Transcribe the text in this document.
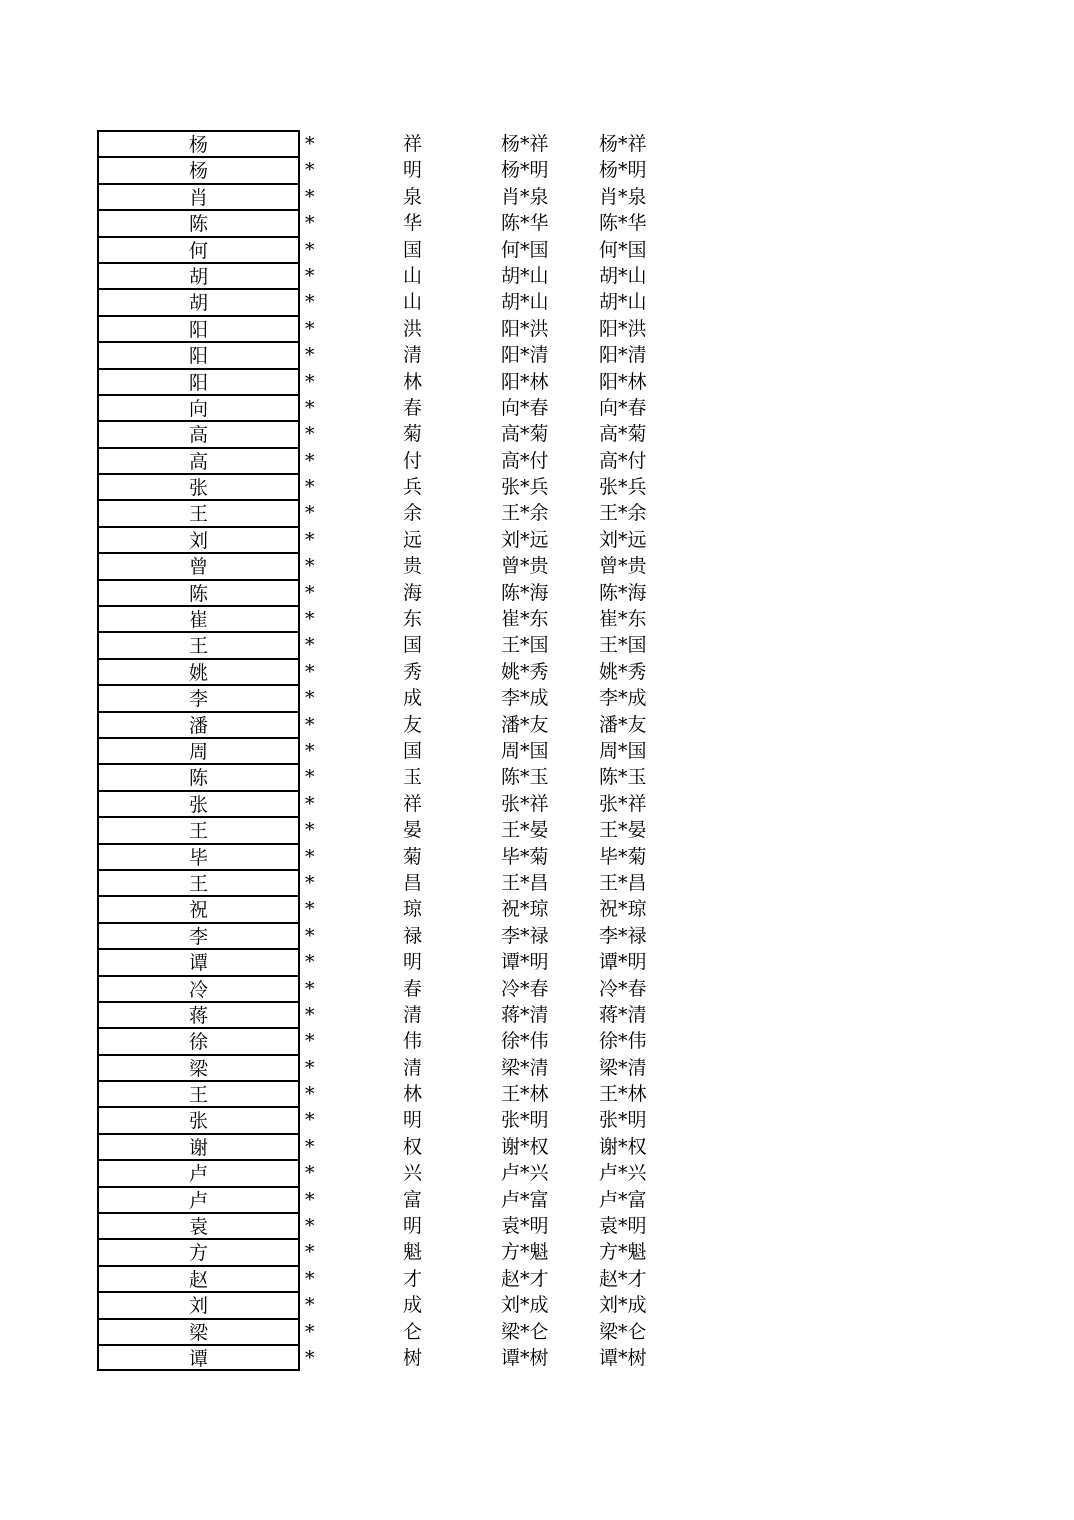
杨	*	祥	杨*祥	杨*祥
杨	*	明	杨*明	杨*明
肖	*	泉	肖*泉	肖*泉
陈	*	华	陈*华	陈*华
何	*	国	何*国	何*国
胡	*	山	胡*山	胡*山
胡	*	山	胡*山	胡*山
阳	*	洪	阳*洪	阳*洪
阳	*	清	阳*清	阳*清
阳	*	林	阳*林	阳*林
向	*	春	向*春	向*春
高	*	菊	高*菊	高*菊
高	*	付	高*付	高*付
张	*	兵	张*兵	张*兵
王	*	余	王*余	王*余
刘	*	远	刘*远	刘*远
曾	*	贵	曾*贵	曾*贵
陈	*	海	陈*海	陈*海
崔	*	东	崔*东	崔*东
王	*	国	王*国	王*国
姚	*	秀	姚*秀	姚*秀
李	*	成	李*成	李*成
潘	*	友	潘*友	潘*友
周	*	国	周*国	周*国
陈	*	玉	陈*玉	陈*玉
张	*	祥	张*祥	张*祥
王	*	晏	王*晏	王*晏
毕	*	菊	毕*菊	毕*菊
王	*	昌	王*昌	王*昌
祝	*	琼	祝*琼	祝*琼
李	*	禄	李*禄	李*禄
谭	*	明	谭*明	谭*明
冷	*	春	冷*春	冷*春
蒋	*	清	蒋*清	蒋*清
徐	*	伟	徐*伟	徐*伟
梁	*	清	梁*清	梁*清
王	*	林	王*林	王*林
张	*	明	张*明	张*明
谢	*	权	谢*权	谢*权
卢	*	兴	卢*兴	卢*兴
卢	*	富	卢*富	卢*富
袁	*	明	袁*明	袁*明
方	*	魁	方*魁	方*魁
赵	*	才	赵*才	赵*才
刘	*	成	刘*成	刘*成
梁	*	仑	梁*仑	梁*仑
谭	*	树	谭*树	谭*树
